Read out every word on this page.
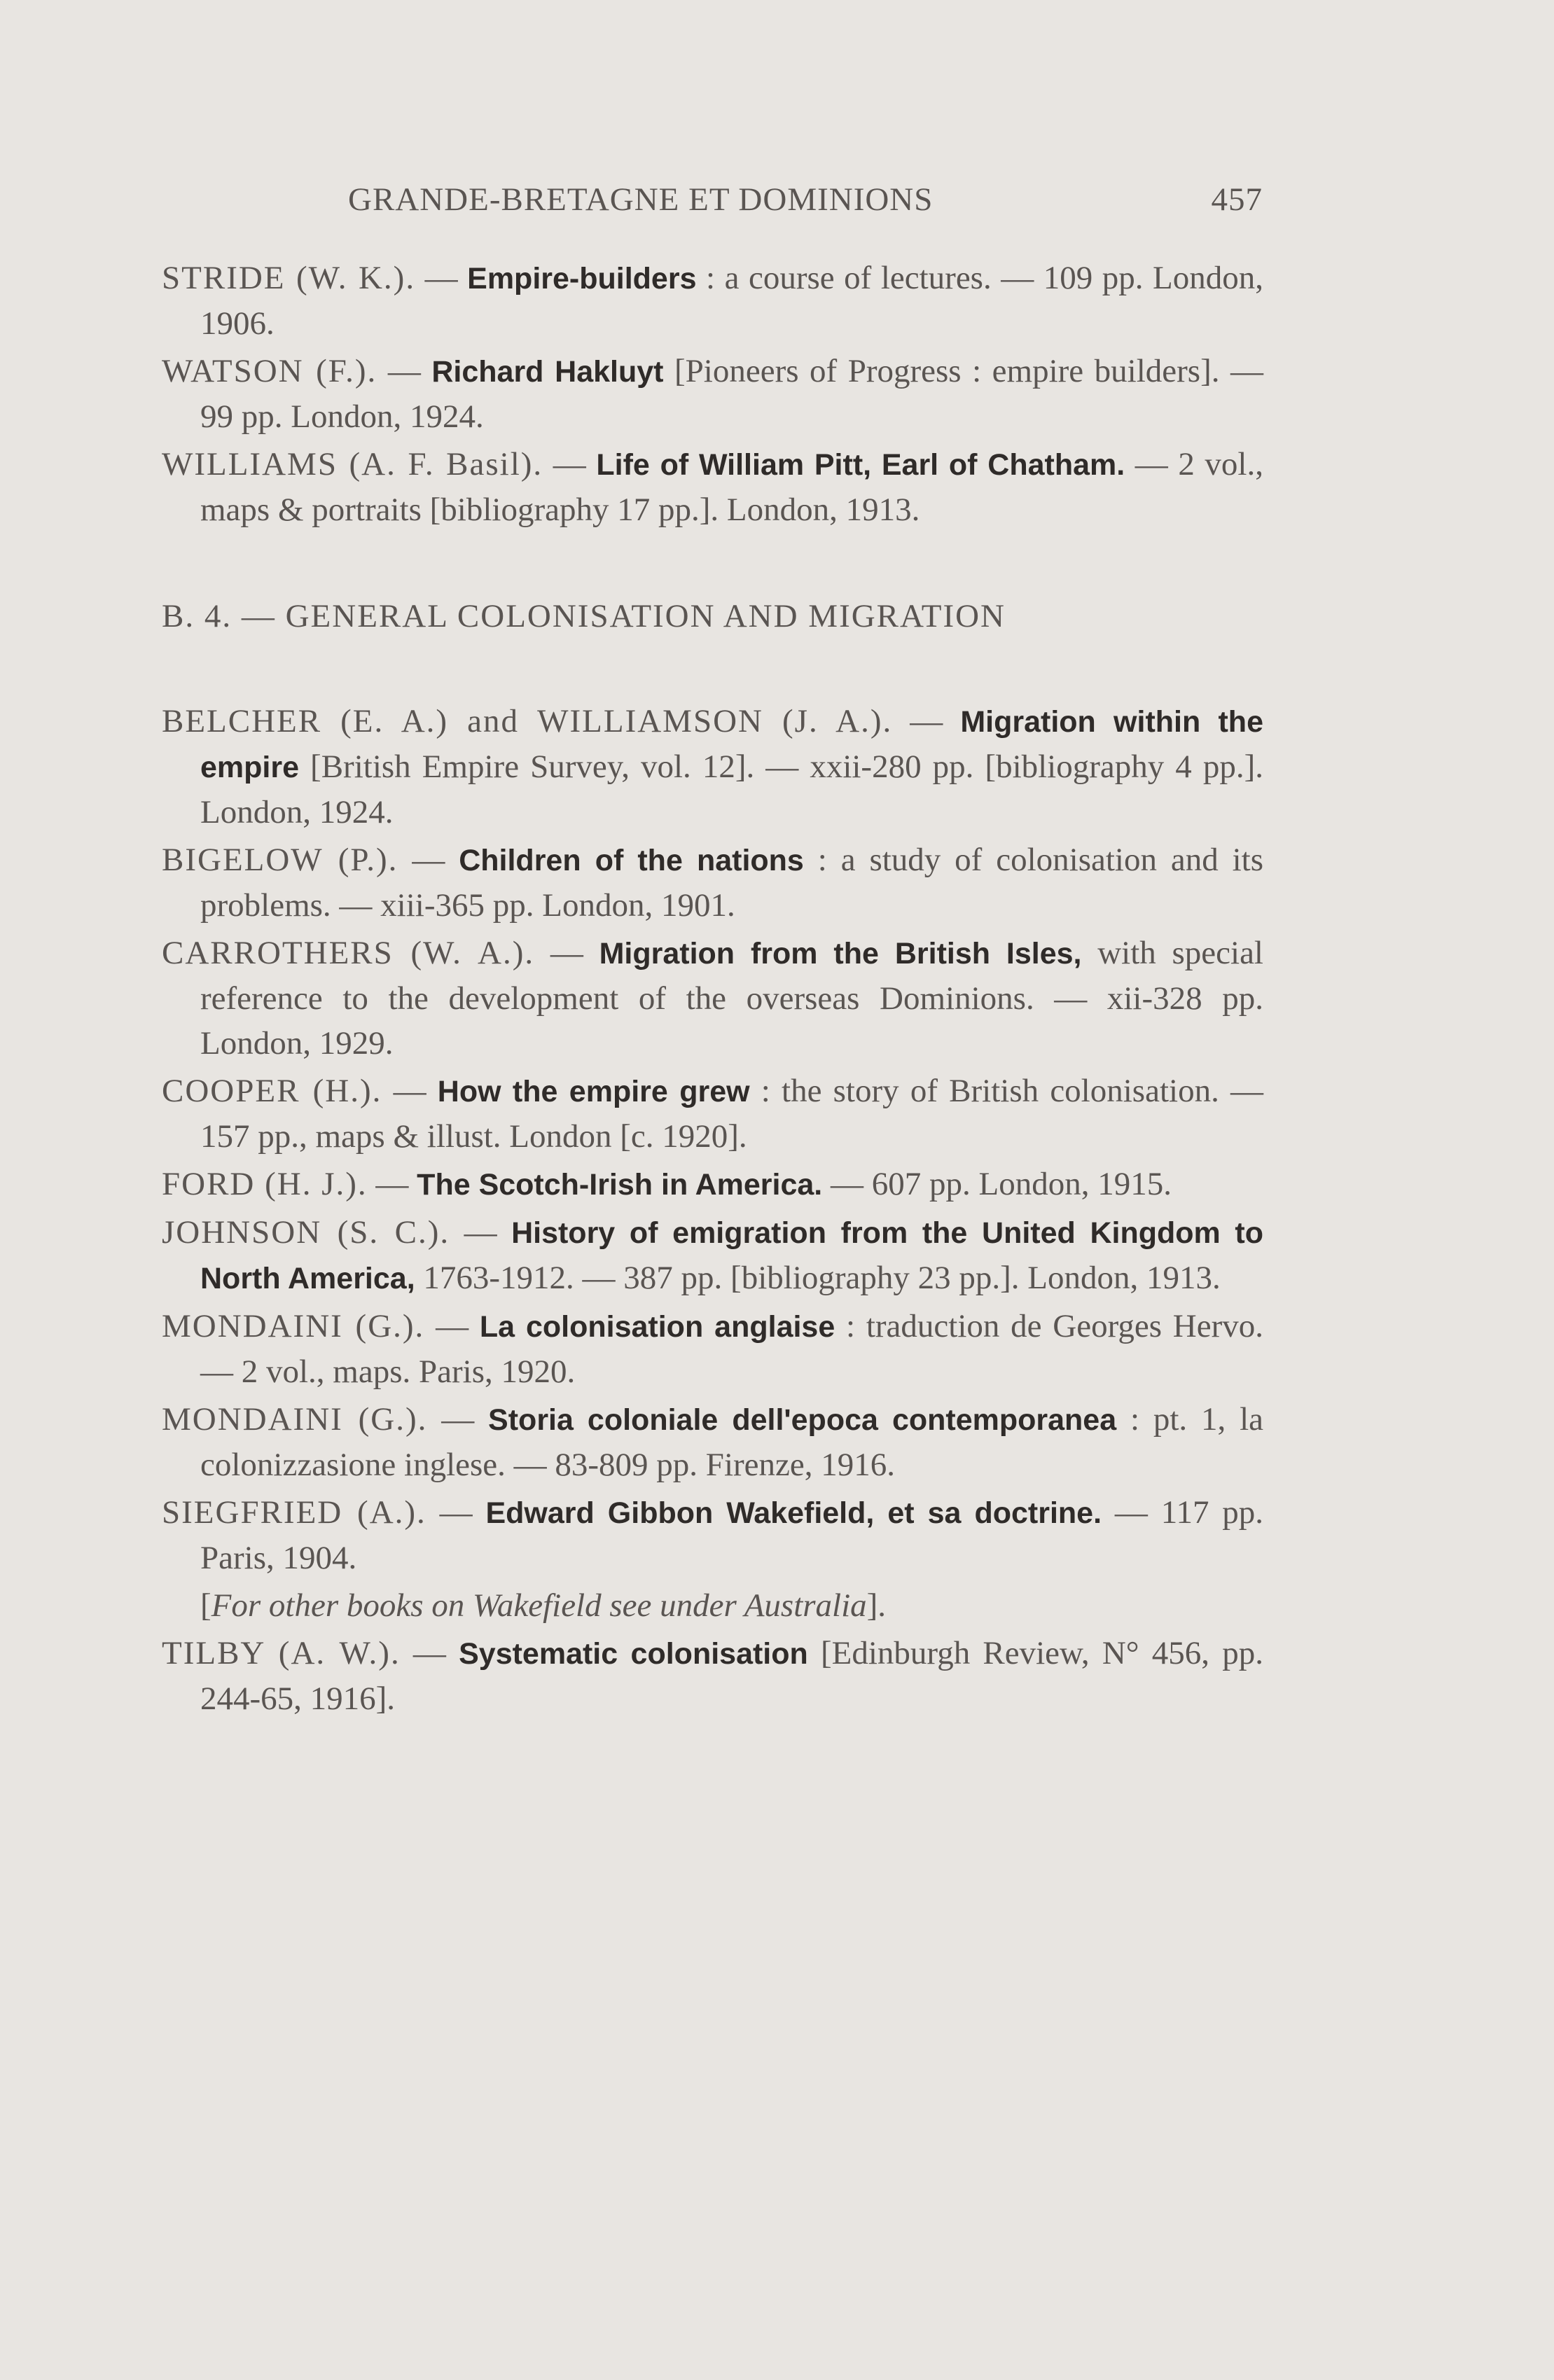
GRANDE-BRETAGNE ET DOMINIONS	457

STRIDE (W. K.). — Empire-builders : a course of lectures. — 109 pp. London, 1906.

WATSON (F.). — Richard Hakluyt [Pioneers of Progress : empire builders]. — 99 pp. London, 1924.

WILLIAMS (A. F. Basil). — Life of William Pitt, Earl of Chatham. — 2 vol., maps & portraits [bibliography 17 pp.]. London, 1913.

B. 4. — GENERAL COLONISATION AND MIGRATION

BELCHER (E. A.) and WILLIAMSON (J. A.). — Migration within the empire [British Empire Survey, vol. 12]. — xxii-280 pp. [bibliography 4 pp.]. London, 1924.

BIGELOW (P.). — Children of the nations : a study of colonisation and its problems. — xiii-365 pp. London, 1901.

CARROTHERS (W. A.). — Migration from the British Isles, with special reference to the development of the overseas Dominions. — xii-328 pp. London, 1929.

COOPER (H.). — How the empire grew : the story of British colonisation. — 157 pp., maps & illust. London [c. 1920].

FORD (H. J.). — The Scotch-Irish in America. — 607 pp. London, 1915.

JOHNSON (S. C.). — History of emigration from the United Kingdom to North America, 1763-1912. — 387 pp. [bibliography 23 pp.]. London, 1913.

MONDAINI (G.). — La colonisation anglaise : traduction de Georges Hervo. — 2 vol., maps. Paris, 1920.

MONDAINI (G.). — Storia coloniale dell'epoca contemporanea : pt. 1, la colonizzasione inglese. — 83-809 pp. Firenze, 1916.

SIEGFRIED (A.). — Edward Gibbon Wakefield, et sa doctrine. — 117 pp. Paris, 1904.

[For other books on Wakefield see under Australia].

TILBY (A. W.). — Systematic colonisation [Edinburgh Review, N° 456, pp. 244-65, 1916].
